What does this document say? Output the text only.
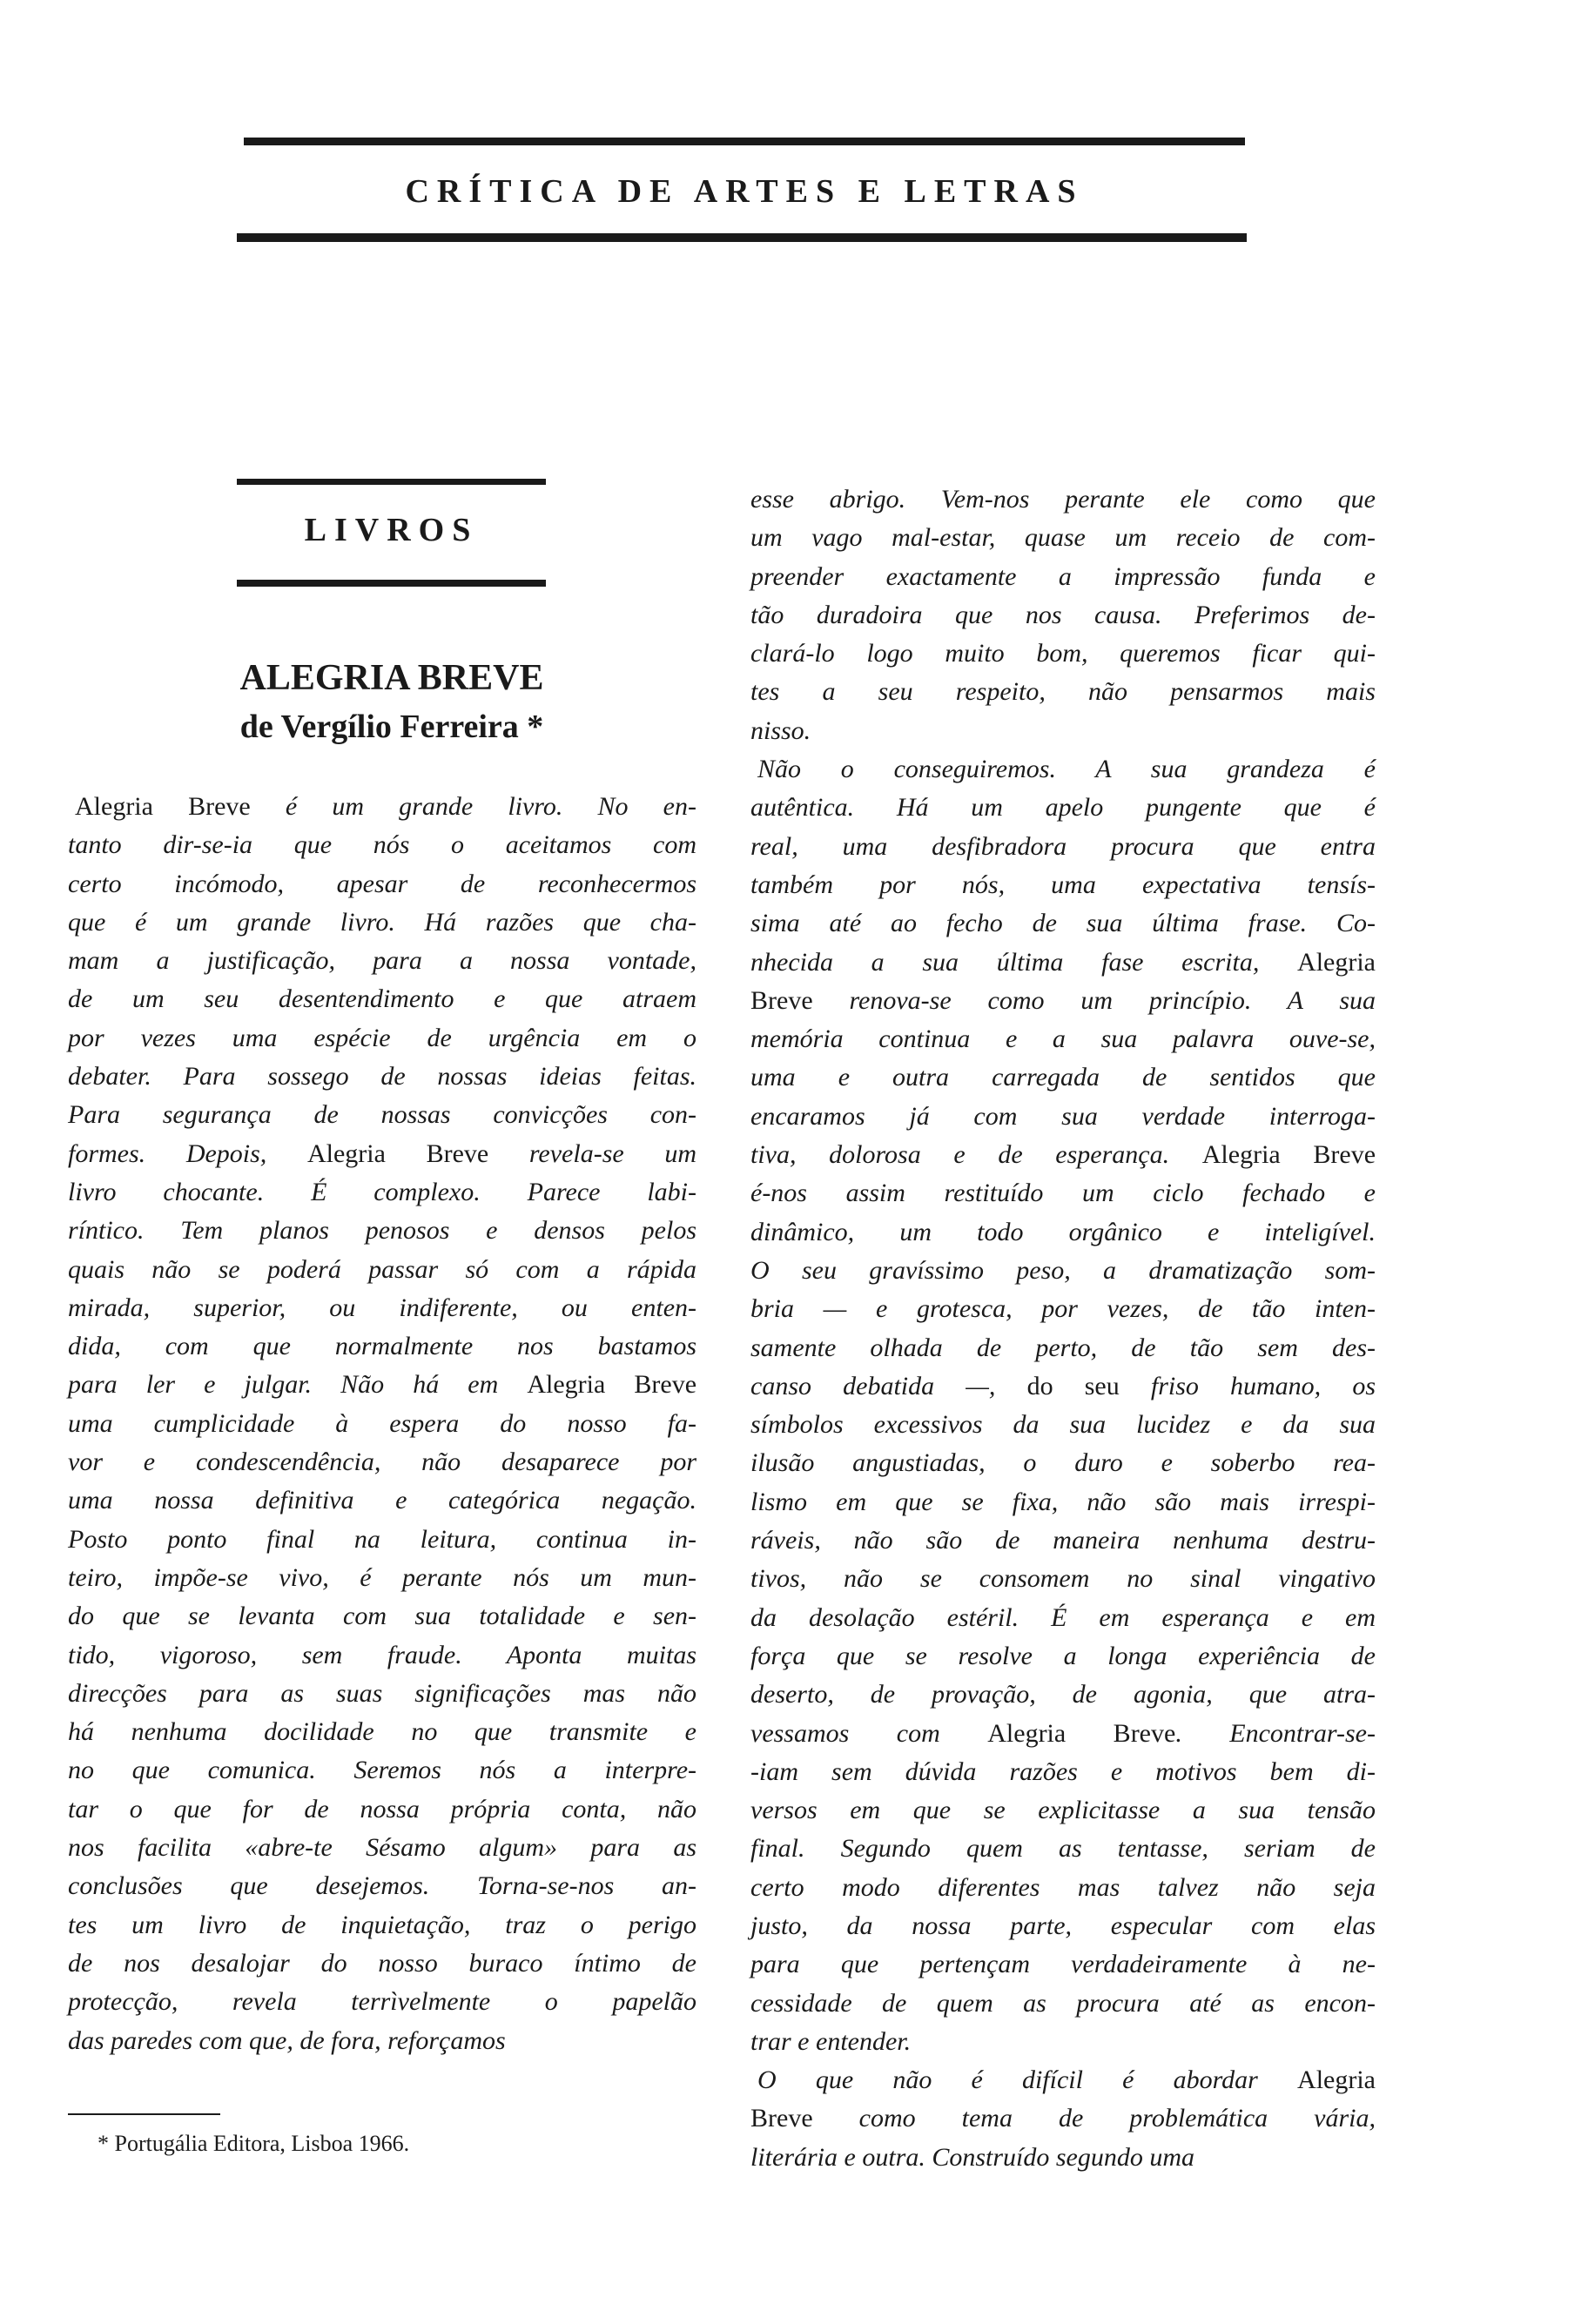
CRÍTICA DE ARTES E LETRAS
LIVROS
ALEGRIA BREVE
de Vergílio Ferreira *
Alegria Breve é um grande livro. No en-
tanto dir-se-ia que nós o aceitamos com
certo incómodo, apesar de reconhecermos
que é um grande livro. Há razões que cha-
mam a justificação, para a nossa vontade,
de um seu desentendimento e que atraem
por vezes uma espécie de urgência em o
debater. Para sossego de nossas ideias feitas.
Para segurança de nossas convicções con-
formes. Depois, Alegria Breve revela-se um
livro chocante. É complexo. Parece labi-
ríntico. Tem planos penosos e densos pelos
quais não se poderá passar só com a rápida
mirada, superior, ou indiferente, ou enten-
dida, com que normalmente nos bastamos
para ler e julgar. Não há em Alegria Breve
uma cumplicidade à espera do nosso fa-
vor e condescendência, não desaparece por
uma nossa definitiva e categórica negação.
Posto ponto final na leitura, continua in-
teiro, impõe-se vivo, é perante nós um mun-
do que se levanta com sua totalidade e sen-
tido, vigoroso, sem fraude. Aponta muitas
direcções para as suas significações mas não
há nenhuma docilidade no que transmite e
no que comunica. Seremos nós a interpre-
tar o que for de nossa própria conta, não
nos facilita «abre-te Sésamo algum» para as
conclusões que desejemos. Torna-se-nos an-
tes um livro de inquietação, traz o perigo
de nos desalojar do nosso buraco íntimo de
protecção, revela terrìvelmente o papelão
das paredes com que, de fora, reforçamos
esse abrigo. Vem-nos perante ele como que
um vago mal-estar, quase um receio de com-
preender exactamente a impressão funda e
tão duradoira que nos causa. Preferimos de-
clará-lo logo muito bom, queremos ficar qui-
tes a seu respeito, não pensarmos mais
nisso.
Não o conseguiremos. A sua grandeza é
autêntica. Há um apelo pungente que é
real, uma desfibradora procura que entra
também por nós, uma expectativa tensís-
sima até ao fecho de sua última frase. Co-
nhecida a sua última fase escrita, Alegria
Breve renova-se como um princípio. A sua
memória continua e a sua palavra ouve-se,
uma e outra carregada de sentidos que
encaramos já com sua verdade interroga-
tiva, dolorosa e de esperança. Alegria Breve
é-nos assim restituído um ciclo fechado e
dinâmico, um todo orgânico e inteligível.
O seu gravíssimo peso, a dramatização som-
bria — e grotesca, por vezes, de tão inten-
samente olhada de perto, de tão sem des-
canso debatida —, do seu friso humano, os
símbolos excessivos da sua lucidez e da sua
ilusão angustiadas, o duro e soberbo rea-
lismo em que se fixa, não são mais irrespi-
ráveis, não são de maneira nenhuma destru-
tivos, não se consomem no sinal vingativo
da desolação estéril. É em esperança e em
força que se resolve a longa experiência de
deserto, de provação, de agonia, que atra-
vessamos com Alegria Breve. Encontrar-se-
-iam sem dúvida razões e motivos bem di-
versos em que se explicitasse a sua tensão
final. Segundo quem as tentasse, seriam de
certo modo diferentes mas talvez não seja
justo, da nossa parte, especular com elas
para que pertençam verdadeiramente à ne-
cessidade de quem as procura até as encon-
trar e entender.
O que não é difícil é abordar Alegria
Breve como tema de problemática vária,
literária e outra. Construído segundo uma
* Portugália Editora, Lisboa 1966.
